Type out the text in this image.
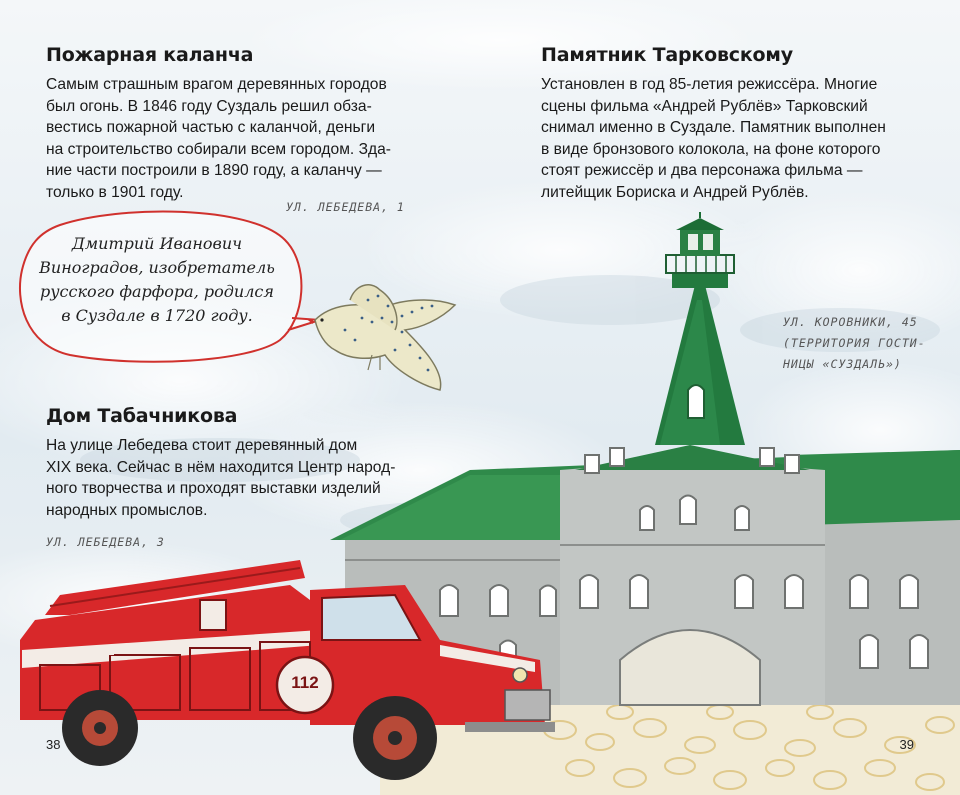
Пожарная каланча

Самым страшным врагом деревянных городов
был огонь. В 1846 году Суздаль решил обза-
вестись пожарной частью с каланчой, деньги
на строительство собирали всем городом. Зда-
ние части построили в 1890 году, а каланчу —
только в 1901 году.

УЛ. ЛЕБЕДЕВА, 1
Дмитрий Иванович
Виноградов, изобретатель
русского фарфора, родился
в Суздале в 1720 году.
Дом Табачникова

На улице Лебедева стоит деревянный дом
XIX века. Сейчас в нём находится Центр народ-
ного творчества и проходят выставки изделий
народных промыслов.

УЛ. ЛЕБЕДЕВА, 3
112
112
38
Памятник Тарковскому

Установлен в год 85-летия режиссёра. Многие
сцены фильма «Андрей Рублёв» Тарковский
снимал именно в Суздале. Памятник выполнен
в виде бронзового колокола, на фоне которого
стоят режиссёр и два персонажа фильма —
литейщик Бориска и Андрей Рублёв.

УЛ. КОРОВНИКИ, 45
(ТЕРРИТОРИЯ ГОСТИ-
НИЦЫ «СУЗДАЛЬ»)
39
